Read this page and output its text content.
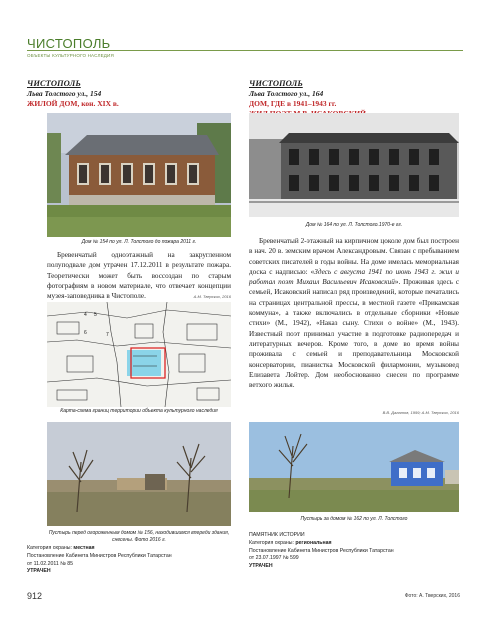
ЧИСТОПОЛЬ
ОБЪЕКТЫ КУЛЬТУРНОГО НАСЛЕДИЯ
ЧИСТОПОЛЬ
Льва Толстого ул., 154
ЖИЛОЙ ДОМ, кон. XIX в.
ЧИСТОПОЛЬ
Льва Толстого ул., 164
ДОМ, ГДЕ в 1941–1943 гг.
Дом № 154 по ул. Л. Толстого до пожара 2011 г.
Дом № 164 по ул. Л. Толстого.1970-е гг.
Бревенчатый одноэтажный на закругленном полуподвале дом утрачен 17.12.2011 в результате пожара. Теоретически может быть воссоздан по старым фотографиям в новом материале, что отвечает концепции музея-заповедника в Чистополе.	А.М. Тверских, 2016
4 5
6	7
Карта-схема границ территории объекта культурного наследия
Бревенчатый 2-этажный на кирпичном цоколе дом был построен в нач. 20 в. земским врачом Александровым. Связан с пребыванием советских писателей в годы войны. На доме имелась мемориальная доска с надписью: «Здесь с августа 1941 по июнь 1943 г. жил и работал поэт Михаил Васильевич Исаковский». Проживая здесь с семьей, Исаковский написал ряд произведений, которые печатались на страницах центральной прессы, в местной газете «Прикамская коммуна», а также включались в отдельные сборники «Новые стихи» (М., 1942), «Наказ сыну. Стихи о войне» (М., 1943). Известный поэт принимал участие в подготовке радиопередач и литературных вечеров. Кроме того, в доме во время войны проживала с семьей и преподавательница Московской консерватории, пианистка Московской филармонии, музыковед Елизавета Лойтер. Дом необоснованно снесен по программе ветхого жилья.
В.В. Далатов, 1999; А.М. Тверских, 2016
Пустырь перед огороженным домом № 156, находившимся впереди здания, снесены. Фото 2016 г.
Пустырь за домом № 162 по ул. Л. Толстого
Категория охраны: местная
Постановление Кабинета Министров Республики Татарстан
от 11.02.2011 № 85
УТРАЧЕН
ПАМЯТНИК ИСТОРИИ
Категория охраны: региональная
Постановление Кабинета Министров Республики Татарстан
от 23.07.1997 № 599
УТРАЧЕН
912	Фото: А. Тверских, 2016
